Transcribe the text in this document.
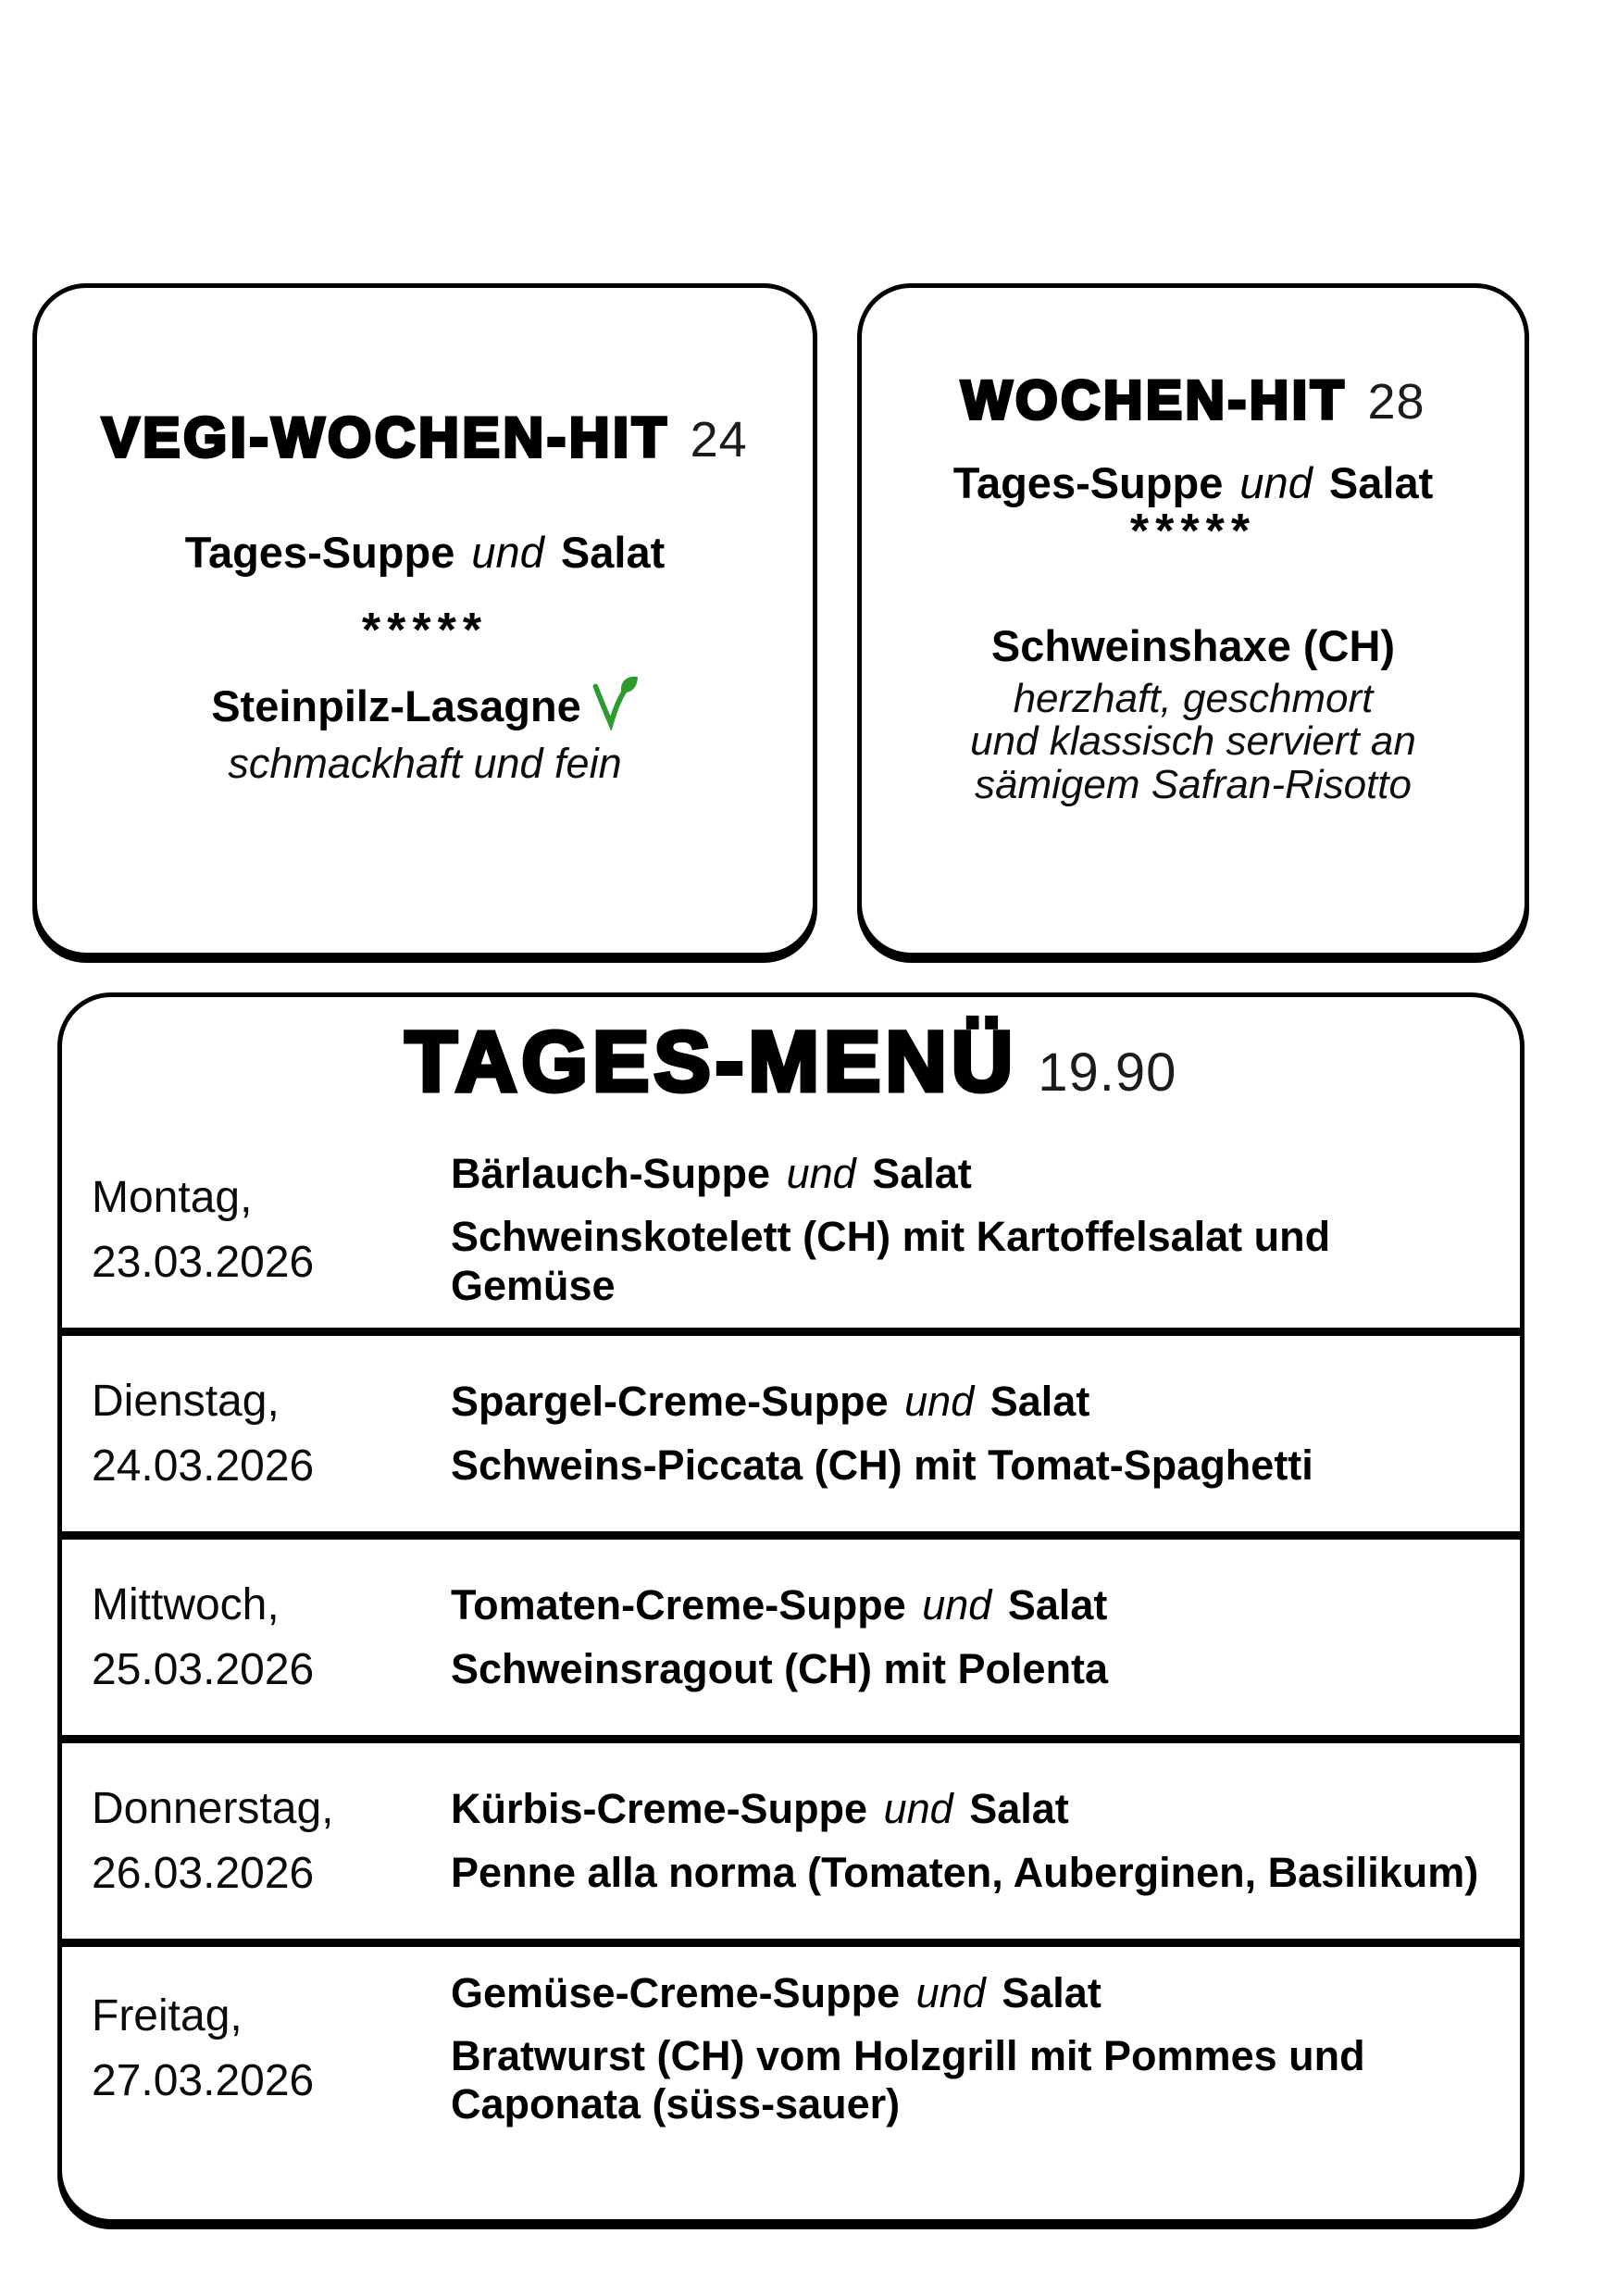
VEGI-WOCHEN-HIT 24
Tages-Suppe und Salat
*****
Steinpilz-Lasagne
schmackhaft und fein
WOCHEN-HIT 28
Tages-Suppe und Salat
*****
Schweinshaxe (CH)
herzhaft, geschmort
und klassisch serviert an
sämigem Safran-Risotto
TAGES-MENÜ 19.90
Montag,
23.03.2026
Bärlauch-Suppe und Salat
Schweinskotelett (CH) mit Kartoffelsalat und Gemüse
Dienstag,
24.03.2026
Spargel-Creme-Suppe und Salat
Schweins-Piccata (CH) mit Tomat-Spaghetti
Mittwoch,
25.03.2026
Tomaten-Creme-Suppe und Salat
Schweinsragout (CH) mit Polenta
Donnerstag,
26.03.2026
Kürbis-Creme-Suppe und Salat
Penne alla norma (Tomaten, Auberginen, Basilikum)
Freitag,
27.03.2026
Gemüse-Creme-Suppe und Salat
Bratwurst (CH) vom Holzgrill mit Pommes und Caponata (süss-sauer)
